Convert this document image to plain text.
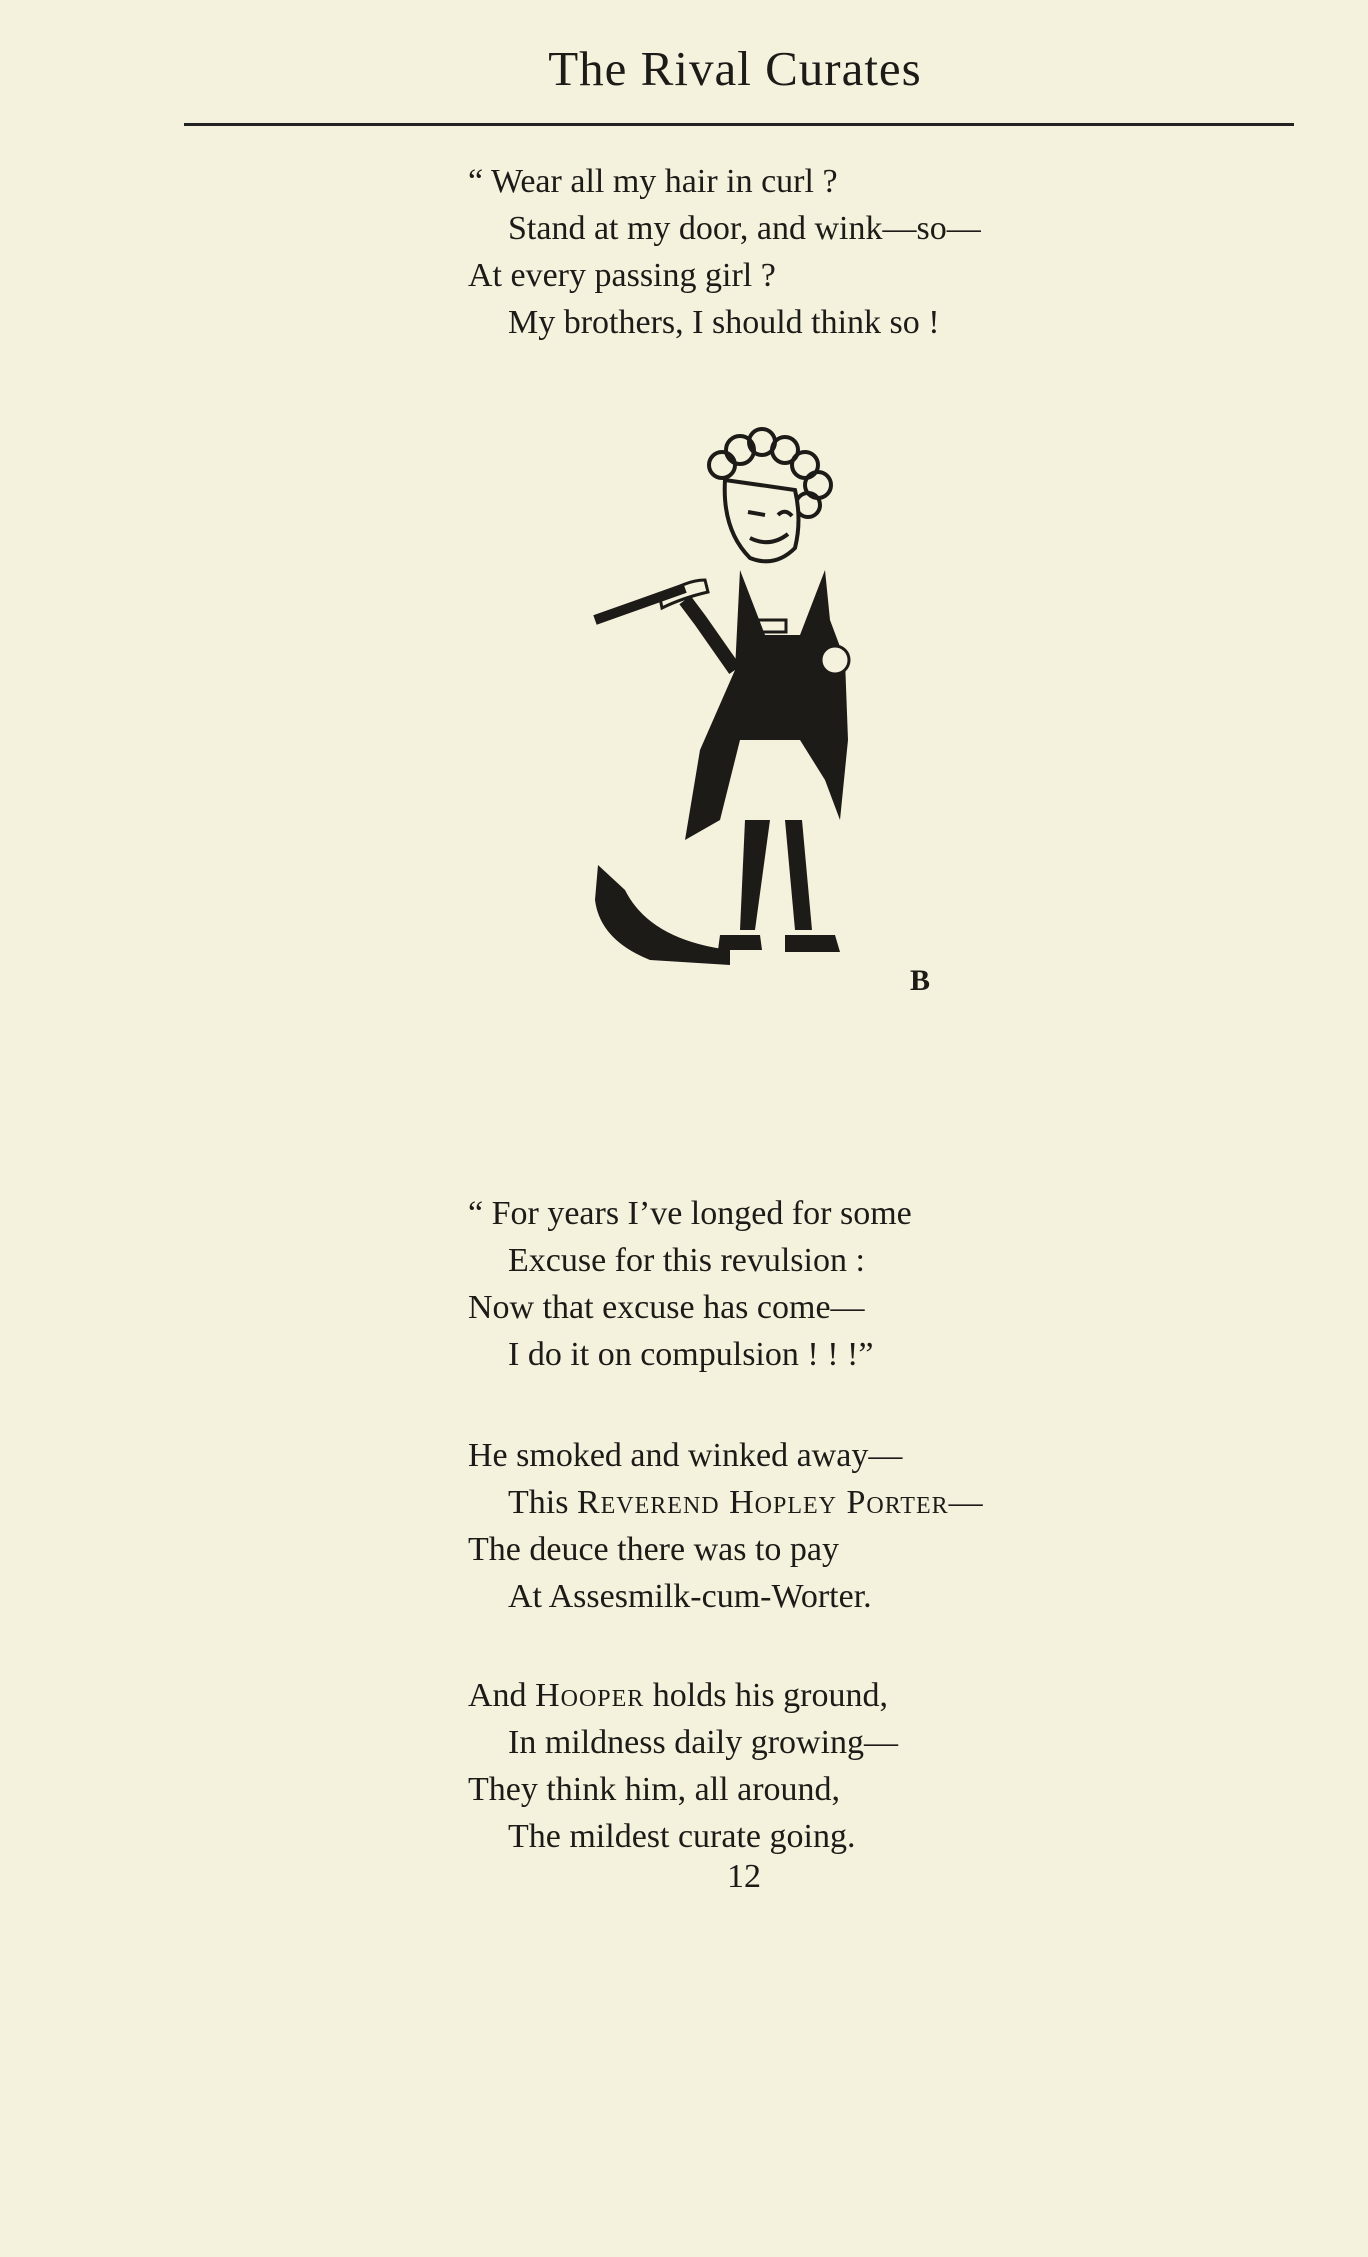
The Rival Curates
“ Wear all my hair in curl ?
Stand at my door, and wink—so—
At every passing girl ?
My brothers, I should think so !
B
“ For years I’ve longed for some
Excuse for this revulsion :
Now that excuse has come—
I do it on compulsion ! ! !”
He smoked and winked away—
This Reverend Hopley Porter—
The deuce there was to pay
At Assesmilk-cum-Worter.
And Hooper holds his ground,
In mildness daily growing—
They think him, all around,
The mildest curate going.
12
